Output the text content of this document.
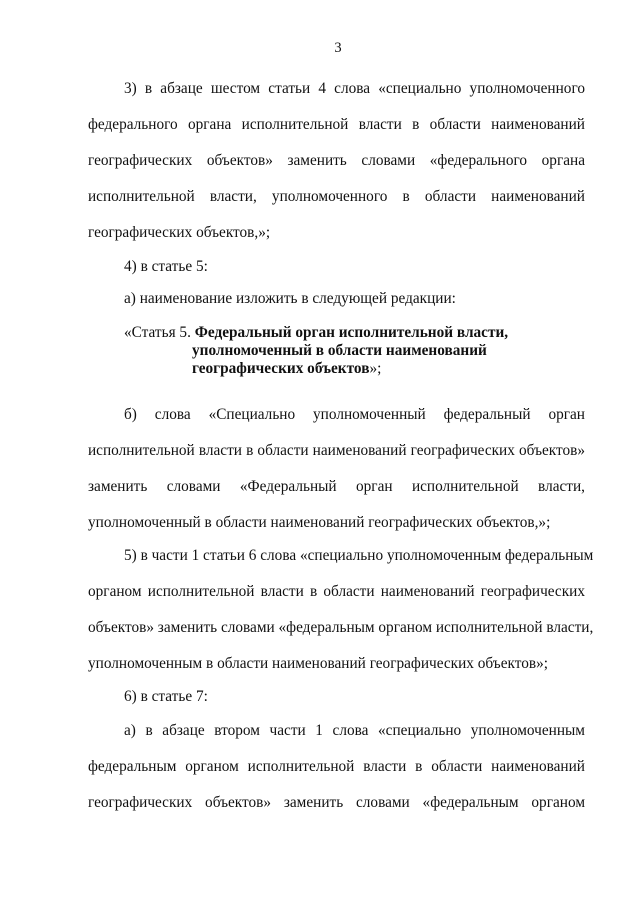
3
3) в абзаце шестом статьи 4 слова «специально уполномоченного
федерального органа исполнительной власти в области наименований
географических объектов» заменить словами «федерального органа
исполнительной власти, уполномоченного в области наименований
географических объектов,»;
4) в статье 5:
а) наименование изложить в следующей редакции:
«Статья 5. Федеральный орган исполнительной власти,
уполномоченный в области наименований
географических объектов»;
б) слова «Специально уполномоченный федеральный орган
исполнительной власти в области наименований географических объектов»
заменить словами «Федеральный орган исполнительной власти,
уполномоченный в области наименований географических объектов,»;
5) в части 1 статьи 6 слова «специально уполномоченным федеральным
органом исполнительной власти в области наименований географических
объектов» заменить словами «федеральным органом исполнительной власти,
уполномоченным в области наименований географических объектов»;
6) в статье 7:
а) в абзаце втором части 1 слова «специально уполномоченным
федеральным органом исполнительной власти в области наименований
географических объектов» заменить словами «федеральным органом
